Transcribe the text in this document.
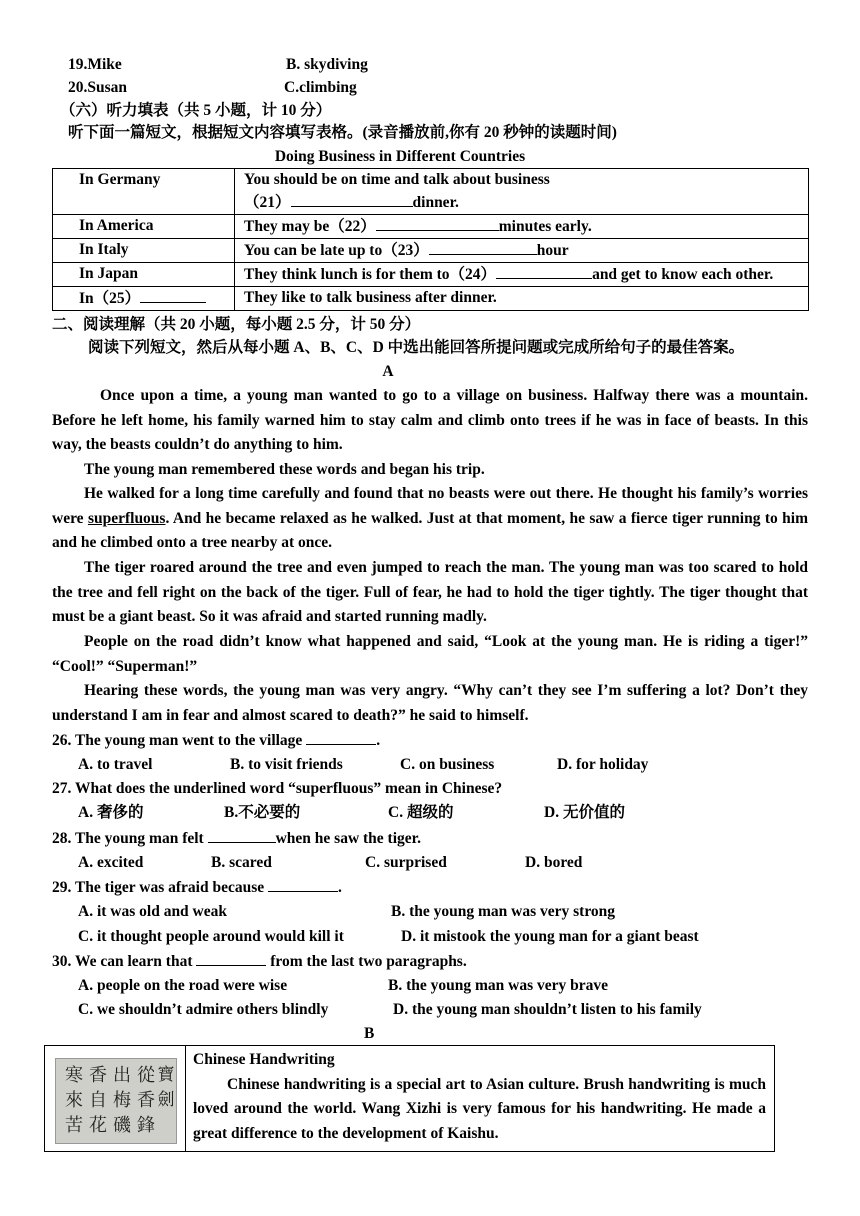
19.Mike	B. skydiving
20.Susan	C.climbing
（六）听力填表（共 5 小题，计 10 分）
听下面一篇短文，根据短文内容填写表格。(录音播放前,你有 20 秒钟的读题时间)
Doing Business in Different Countries
In Germany	You should be on time and talk about business
（21） dinner.

In America	They may be（22） minutes early.
In Italy	You can be late up to（23） hour
In Japan	They think lunch is for them to（24） and get to know each other.
In（25）	They like to talk business after dinner.
二、阅读理解（共 20 小题，每小题 2.5 分，计 50 分）
阅读下列短文，然后从每小题 A、B、C、D 中选出能回答所提问题或完成所给句子的最佳答案。
A
Once upon a time, a young man wanted to go to a village on business. Halfway there was a mountain. Before he left home, his family warned him to stay calm and climb onto trees if he was in face of beasts. In this way, the beasts couldn’t do anything to him.
The young man remembered these words and began his trip.
He walked for a long time carefully and found that no beasts were out there. He thought his family’s worries were superfluous. And he became relaxed as he walked. Just at that moment, he saw a fierce tiger running to him and he climbed onto a tree nearby at once.
The tiger roared around the tree and even jumped to reach the man. The young man was too scared to hold the tree and fell right on the back of the tiger. Full of fear, he had to hold the tiger tightly. The tiger thought that must be a giant beast. So it was afraid and started running madly.
People on the road didn’t know what happened and said, “Look at the young man. He is riding a tiger!” “Cool!” “Superman!”
Hearing these words, the young man was very angry. “Why can’t they see I’m suffering a lot? Don’t they understand I am in fear and almost scared to death?” he said to himself.
26. The young man went to the village	.
A. to travel	B. to visit friends	C. on business	D. for holiday
27. What does the underlined word “superfluous” mean in Chinese?
A. 奢侈的	B.不必要的	C. 超级的	D. 无价值的
28. The young man felt	when he saw the tiger.
A. excited	B. scared	C. surprised	D. bored
29. The tiger was afraid because	.
A. it was old and weak	B. the young man was very strong
C. it thought people around would kill it	D. it mistook the young man for a giant beast
30. We can learn that	from the last two paragraphs.
A. people on the road were wise	B. the young man was very brave
C. we shouldn’t admire others blindly	D. the young man shouldn’t listen to his family
B
寒來苦
香自花
出梅磯
從香鋒
寶劍
Chinese Handwriting
Chinese handwriting is a special art to Asian culture. Brush handwriting is much loved around the world. Wang Xizhi is very famous for his handwriting. He made a great difference to the development of Kaishu.
